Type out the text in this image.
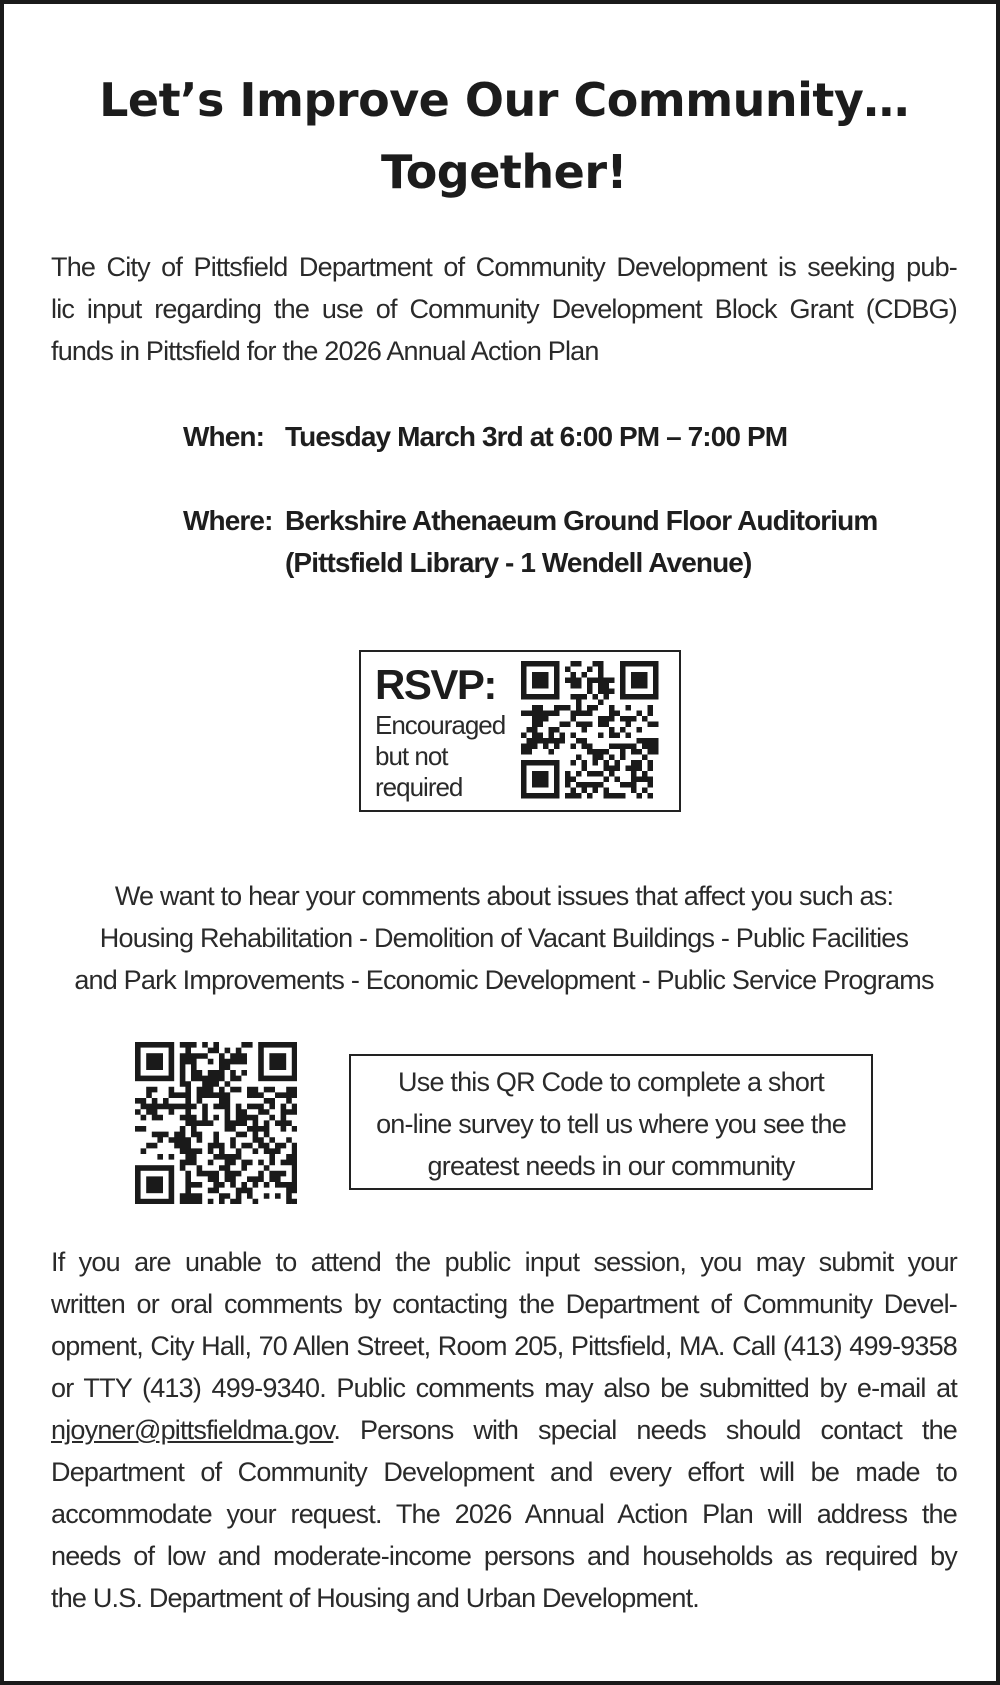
Let’s Improve Our Community…
Together!
The City of Pittsfield Department of Community Development is seeking pub-
lic input regarding the use of Community Development Block Grant (CDBG)
funds in Pittsfield for the 2026 Annual Action Plan
When: Tuesday March 3rd at 6:00 PM – 7:00 PM
Where: Berkshire Athenaeum Ground Floor Auditorium
(Pittsfield Library - 1 Wendell Avenue)
RSVP:
Encouraged
but not
required
We want to hear your comments about issues that affect you such as:
Housing Rehabilitation - Demolition of Vacant Buildings - Public Facilities
and Park Improvements - Economic Development - Public Service Programs
Use this QR Code to complete a short
on-line survey to tell us where you see the
greatest needs in our community
If you are unable to attend the public input session, you may submit your
written or oral comments by contacting the Department of Community Devel-
opment, City Hall, 70 Allen Street, Room 205, Pittsfield, MA. Call (413) 499-9358
or TTY (413) 499-9340. Public comments may also be submitted by e-mail at
njoyner@pittsfieldma.gov. Persons with special needs should contact the
Department of Community Development and every effort will be made to
accommodate your request. The 2026 Annual Action Plan will address the
needs of low and moderate-income persons and households as required by
the U.S. Department of Housing and Urban Development.
